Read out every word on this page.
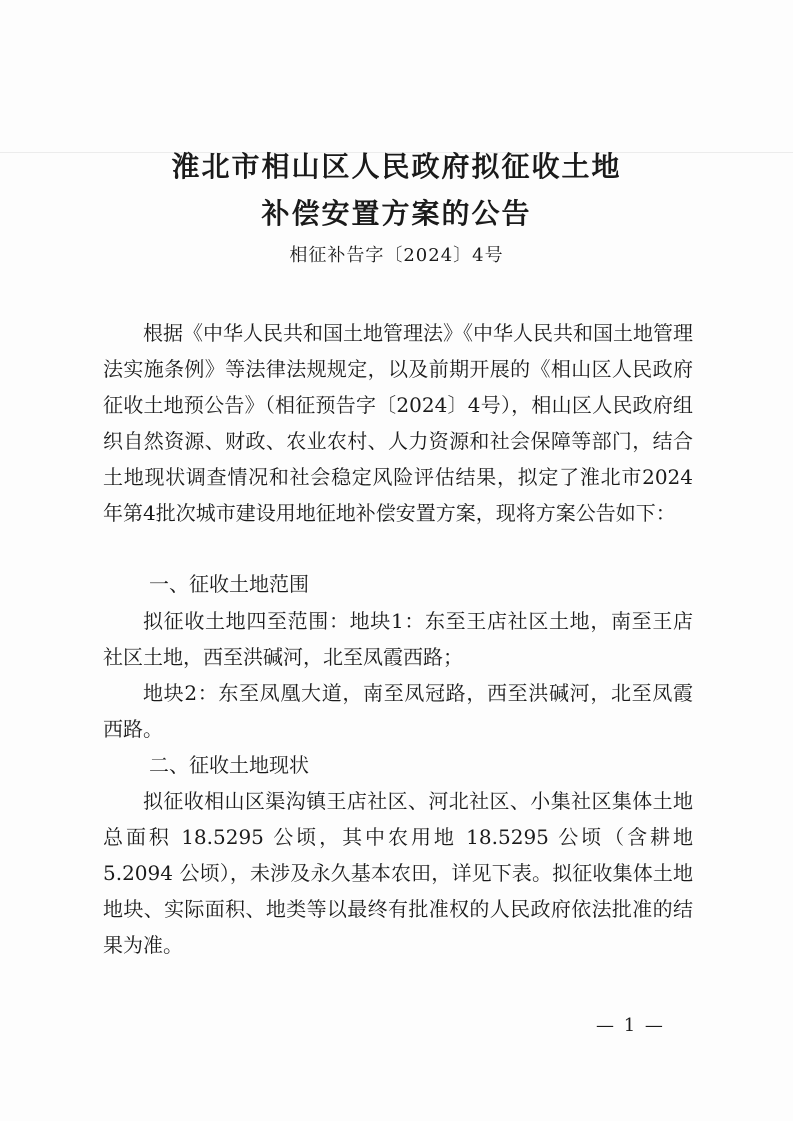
淮北市相山区人民政府拟征收土地
补偿安置方案的公告
相征补告字〔2024〕4号

根据《中华人民共和国土地管理法》《中华人民共和国土地管理法实施条例》等法律法规规定，以及前期开展的《相山区人民政府征收土地预公告》（相征预告字〔2024〕4号），相山区人民政府组织自然资源、财政、农业农村、人力资源和社会保障等部门，结合土地现状调查情况和社会稳定风险评估结果，拟定了淮北市2024年第4批次城市建设用地征地补偿安置方案，现将方案公告如下：

一、征收土地范围

拟征收土地四至范围：地块1：东至王店社区土地，南至王店社区土地，西至洪碱河，北至凤霞西路；

地块2：东至凤凰大道，南至凤冠路，西至洪碱河，北至凤霞西路。

二、征收土地现状

拟征收相山区渠沟镇王店社区、河北社区、小集社区集体土地总面积 18.5295 公顷，其中农用地 18.5295 公顷（含耕地 5.2094 公顷），未涉及永久基本农田，详见下表。拟征收集体土地地块、实际面积、地类等以最终有批准权的人民政府依法批准的结果为准。

— 1 —
